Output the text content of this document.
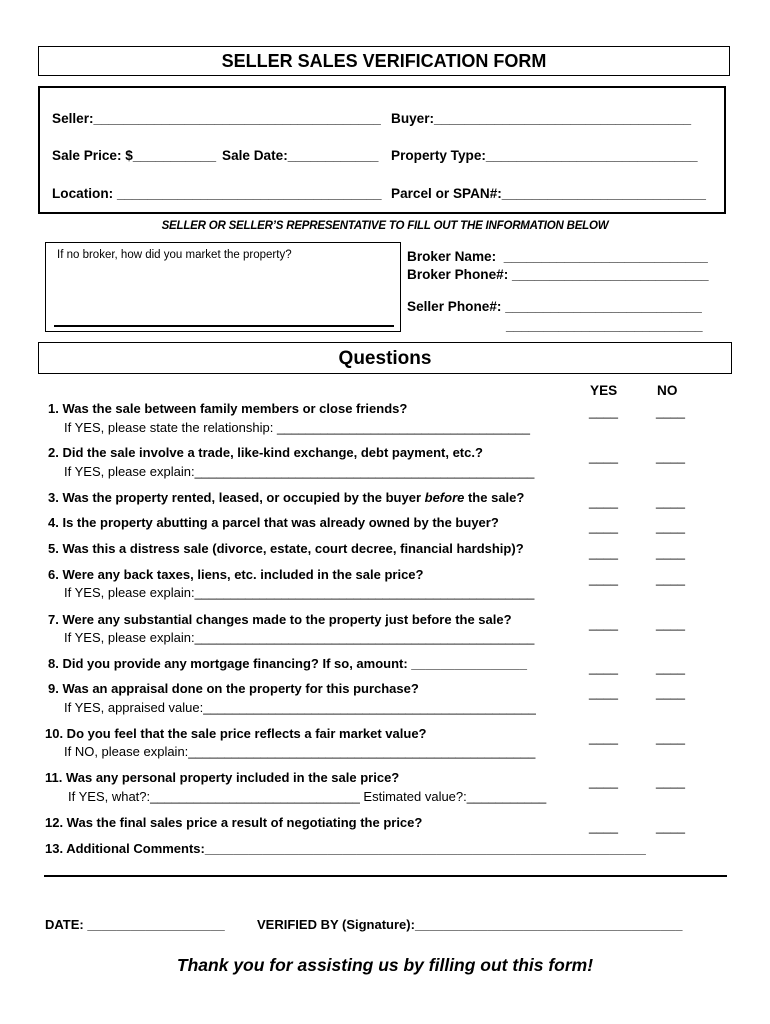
SELLER SALES VERIFICATION FORM
Seller:______________________________________ Buyer:__________________________________
Sale Price: $___________ Sale Date:____________ Property Type:____________________________
Location: ___________________________________ Parcel or SPAN#:___________________________
SELLER OR SELLER’S REPRESENTATIVE TO FILL OUT THE INFORMATION BELOW
If no broker, how did you market the property?	Broker Name:  ___________________________
Broker Phone#: __________________________
Seller Phone#: __________________________
__________________________
Questions
YES	NO
1. Was the sale between family members or close friends?
If YES, please state the relationship: ___________________________________
____	____
2. Did the sale involve a trade, like-kind exchange, debt payment, etc.?
If YES, please explain:_______________________________________________
____	____
3. Was the property rented, leased, or occupied by the buyer before the sale?	____	____
4. Is the property abutting a parcel that was already owned by the buyer?	____	____
5. Was this a distress sale (divorce, estate, court decree, financial hardship)?	____	____
6. Were any back taxes, liens, etc. included in the sale price?
If YES, please explain:_______________________________________________
____	____
7. Were any substantial changes made to the property just before the sale?
If YES, please explain:_______________________________________________
____	____
8. Did you provide any mortgage financing? If so, amount: ________________	____	____
9. Was an appraisal done on the property for this purchase?
If YES, appraised value:______________________________________________
____	____
10. Do you feel that the sale price reflects a fair market value?
If NO, please explain:________________________________________________
____	____
11. Was any personal property included in the sale price?
If YES, what?:_____________________________ Estimated value?:___________
____	____
12. Was the final sales price a result of negotiating the price?	____	____
13. Additional Comments:_____________________________________________________________
DATE: ___________________ VERIFIED BY (Signature):_____________________________________
Thank you for assisting us by filling out this form!
